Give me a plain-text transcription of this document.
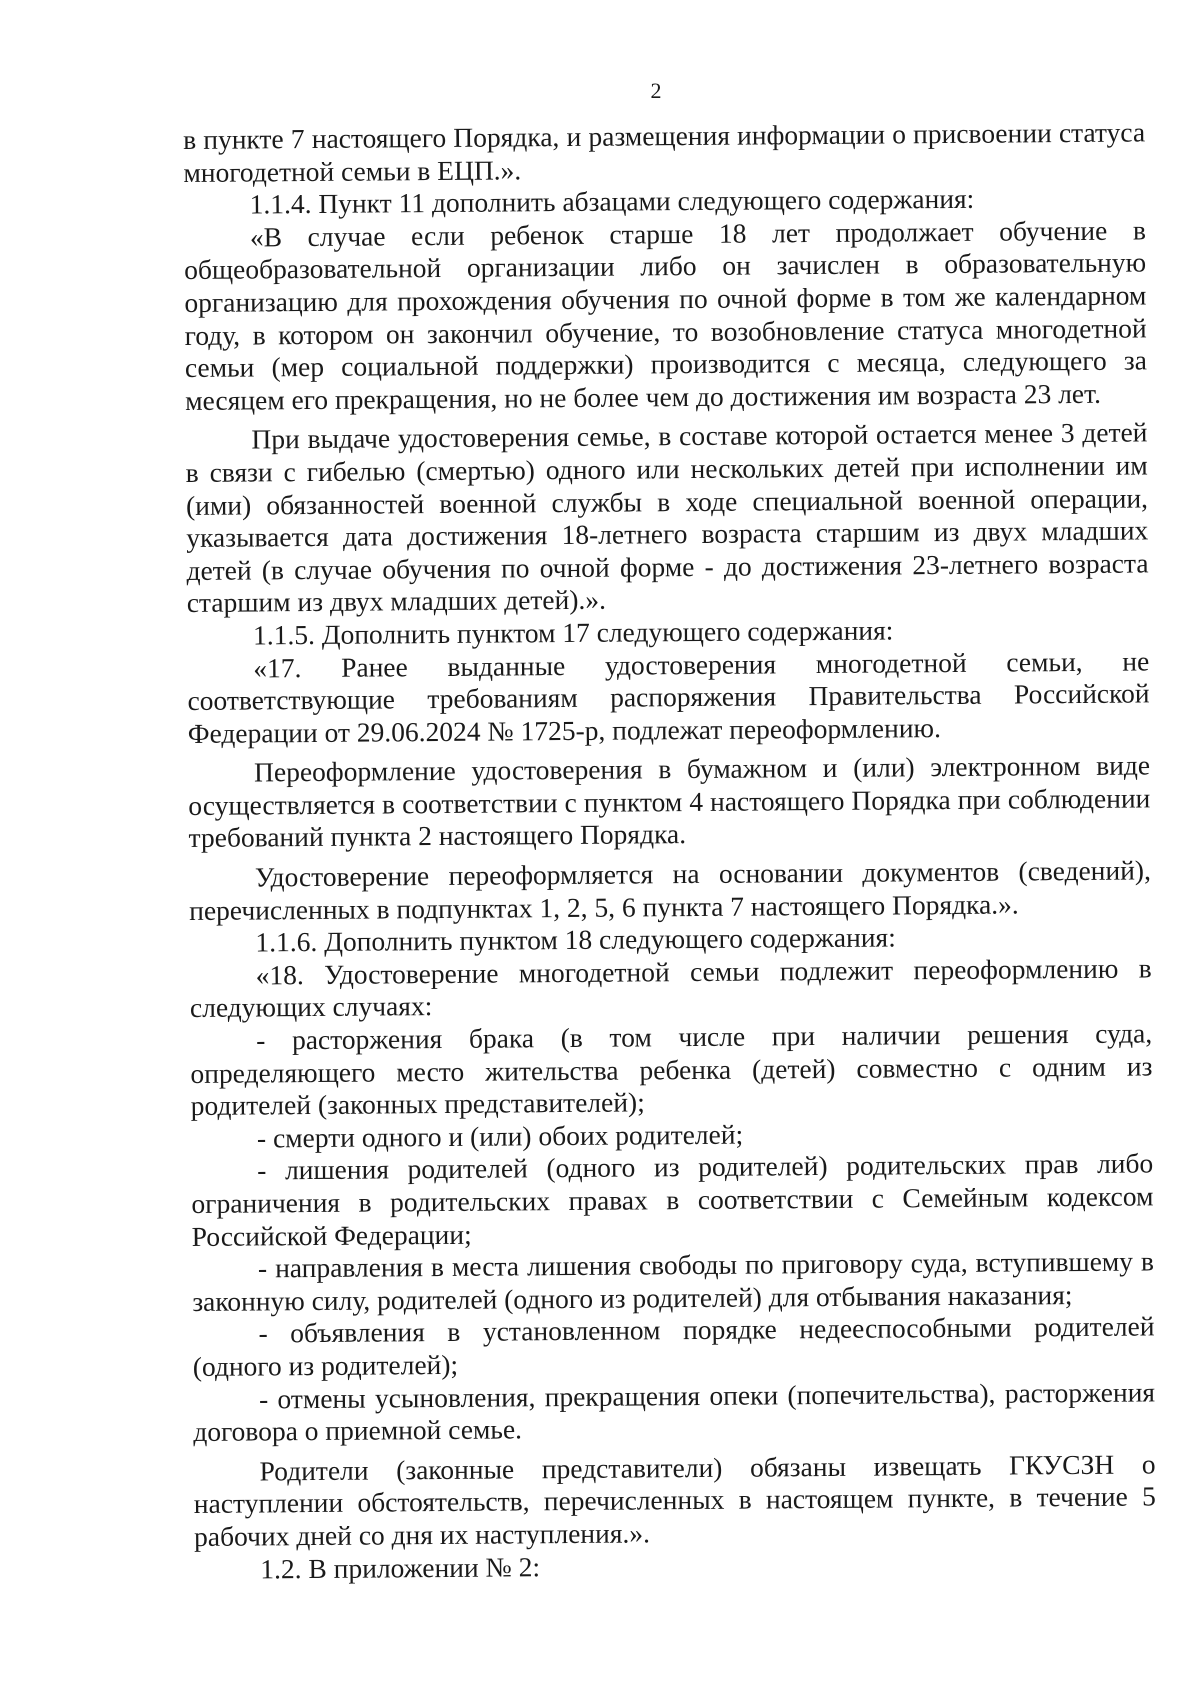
2

в пункте 7 настоящего Порядка, и размещения информации о присвоении статуса многодетной семьи в ЕЦП.».

1.1.4. Пункт 11 дополнить абзацами следующего содержания:

«В случае если ребенок старше 18 лет продолжает обучение в общеобразовательной организации либо он зачислен в образовательную организацию для прохождения обучения по очной форме в том же календарном году, в котором он закончил обучение, то возобновление статуса многодетной семьи (мер социальной поддержки) производится с месяца, следующего за месяцем его прекращения, но не более чем до достижения им возраста 23 лет.

При выдаче удостоверения семье, в составе которой остается менее 3 детей в связи с гибелью (смертью) одного или нескольких детей при исполнении им (ими) обязанностей военной службы в ходе специальной военной операции, указывается дата достижения 18-летнего возраста старшим из двух младших детей (в случае обучения по очной форме - до достижения 23-летнего возраста старшим из двух младших детей).».

1.1.5. Дополнить пунктом 17 следующего содержания:

«17. Ранее выданные удостоверения многодетной семьи, не соответствующие требованиям распоряжения Правительства Российской Федерации от 29.06.2024 № 1725-р, подлежат переоформлению.

Переоформление удостоверения в бумажном и (или) электронном виде осуществляется в соответствии с пунктом 4 настоящего Порядка при соблюдении требований пункта 2 настоящего Порядка.

Удостоверение переоформляется на основании документов (сведений), перечисленных в подпунктах 1, 2, 5, 6 пункта 7 настоящего Порядка.».

1.1.6. Дополнить пунктом 18 следующего содержания:

«18. Удостоверение многодетной семьи подлежит переоформлению в следующих случаях:

- расторжения брака (в том числе при наличии решения суда, определяющего место жительства ребенка (детей) совместно с одним из родителей (законных представителей);

- смерти одного и (или) обоих родителей;

- лишения родителей (одного из родителей) родительских прав либо ограничения в родительских правах в соответствии с Семейным кодексом Российской Федерации;

- направления в места лишения свободы по приговору суда, вступившему в законную силу, родителей (одного из родителей) для отбывания наказания;

- объявления в установленном порядке недееспособными родителей (одного из родителей);

- отмены усыновления, прекращения опеки (попечительства), расторжения договора о приемной семье.

Родители (законные представители) обязаны извещать ГКУСЗН о наступлении обстоятельств, перечисленных в настоящем пункте, в течение 5 рабочих дней со дня их наступления.».

1.2. В приложении № 2:
